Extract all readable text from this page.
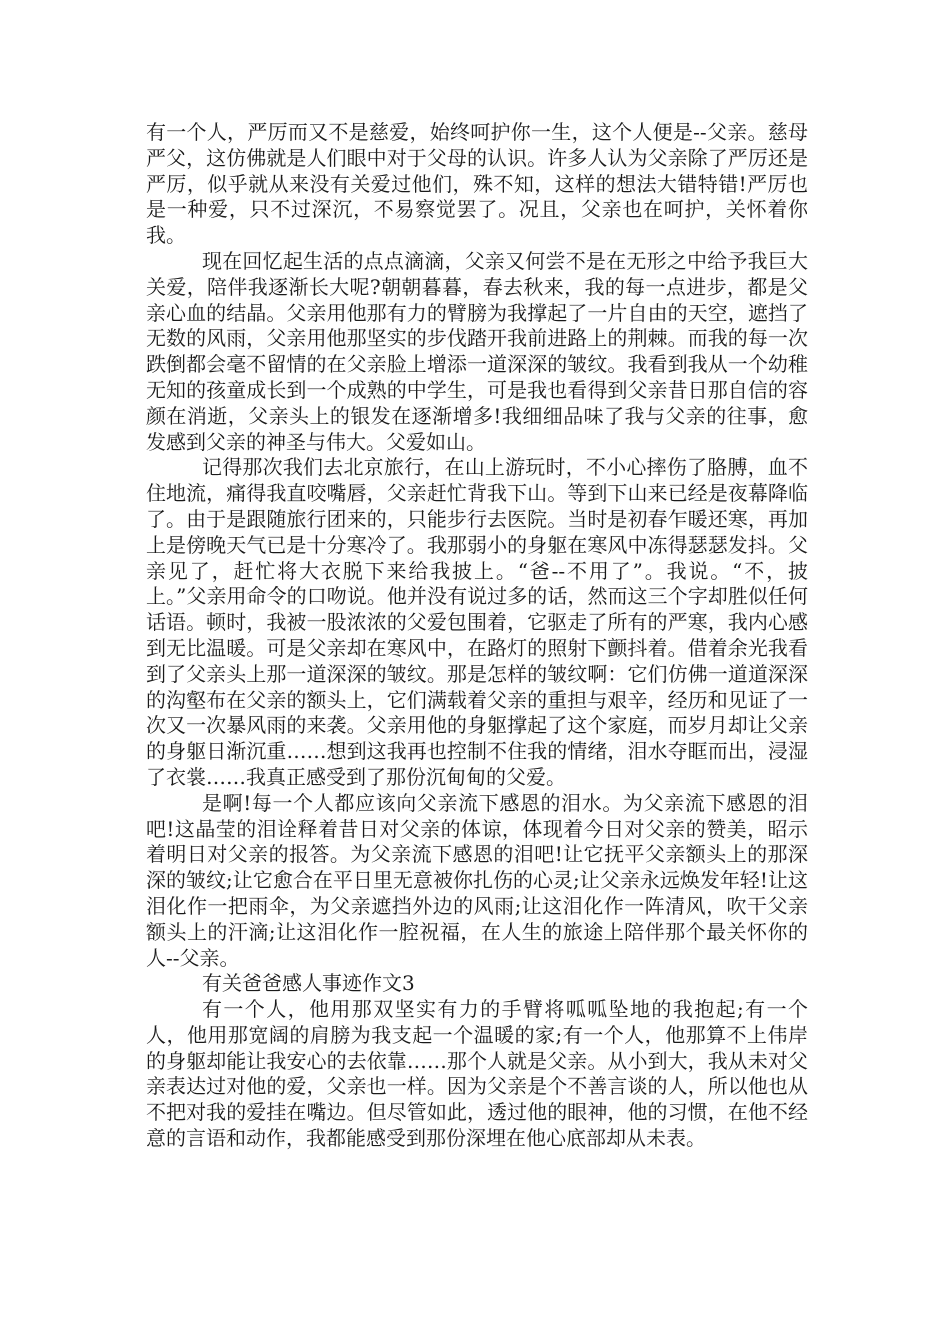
有一个人，严厉而又不是慈爱，始终呵护你一生，这个人便是--父亲。慈母严父，这仿佛就是人们眼中对于父母的认识。许多人认为父亲除了严厉还是严厉，似乎就从来没有关爱过他们，殊不知，这样的想法大错特错!严厉也是一种爱，只不过深沉，不易察觉罢了。况且，父亲也在呵护，关怀着你我。

现在回忆起生活的点点滴滴，父亲又何尝不是在无形之中给予我巨大关爱，陪伴我逐渐长大呢?朝朝暮暮，春去秋来，我的每一点进步，都是父亲心血的结晶。父亲用他那有力的臂膀为我撑起了一片自由的天空，遮挡了无数的风雨，父亲用他那坚实的步伐踏开我前进路上的荆棘。而我的每一次跌倒都会毫不留情的在父亲脸上增添一道深深的皱纹。我看到我从一个幼稚无知的孩童成长到一个成熟的中学生，可是我也看得到父亲昔日那自信的容颜在消逝，父亲头上的银发在逐渐增多!我细细品味了我与父亲的往事，愈发感到父亲的神圣与伟大。父爱如山。

记得那次我们去北京旅行，在山上游玩时，不小心摔伤了胳膊，血不住地流，痛得我直咬嘴唇，父亲赶忙背我下山。等到下山来已经是夜幕降临了。由于是跟随旅行团来的，只能步行去医院。当时是初春乍暖还寒，再加上是傍晚天气已是十分寒冷了。我那弱小的身躯在寒风中冻得瑟瑟发抖。父亲见了，赶忙将大衣脱下来给我披上。“爸--不用了”。我说。“不，披上。”父亲用命令的口吻说。他并没有说过多的话，然而这三个字却胜似任何话语。顿时，我被一股浓浓的父爱包围着，它驱走了所有的严寒，我内心感到无比温暖。可是父亲却在寒风中，在路灯的照射下颤抖着。借着余光我看到了父亲头上那一道深深的皱纹。那是怎样的皱纹啊：它们仿佛一道道深深的沟壑布在父亲的额头上，它们满载着父亲的重担与艰辛，经历和见证了一次又一次暴风雨的来袭。父亲用他的身躯撑起了这个家庭，而岁月却让父亲的身躯日渐沉重……想到这我再也控制不住我的情绪，泪水夺眶而出，浸湿了衣裳……我真正感受到了那份沉甸甸的父爱。

是啊!每一个人都应该向父亲流下感恩的泪水。为父亲流下感恩的泪吧!这晶莹的泪诠释着昔日对父亲的体谅，体现着今日对父亲的赞美，昭示着明日对父亲的报答。为父亲流下感恩的泪吧!让它抚平父亲额头上的那深深的皱纹;让它愈合在平日里无意被你扎伤的心灵;让父亲永远焕发年轻!让这泪化作一把雨伞，为父亲遮挡外边的风雨;让这泪化作一阵清风，吹干父亲额头上的汗滴;让这泪化作一腔祝福，在人生的旅途上陪伴那个最关怀你的人--父亲。

有关爸爸感人事迹作文3

有一个人，他用那双坚实有力的手臂将呱呱坠地的我抱起;有一个人，他用那宽阔的肩膀为我支起一个温暖的家;有一个人，他那算不上伟岸的身躯却能让我安心的去依靠……那个人就是父亲。从小到大，我从未对父亲表达过对他的爱，父亲也一样。因为父亲是个不善言谈的人，所以他也从不把对我的爱挂在嘴边。但尽管如此，透过他的眼神，他的习惯，在他不经意的言语和动作，我都能感受到那份深埋在他心底部却从未表。
